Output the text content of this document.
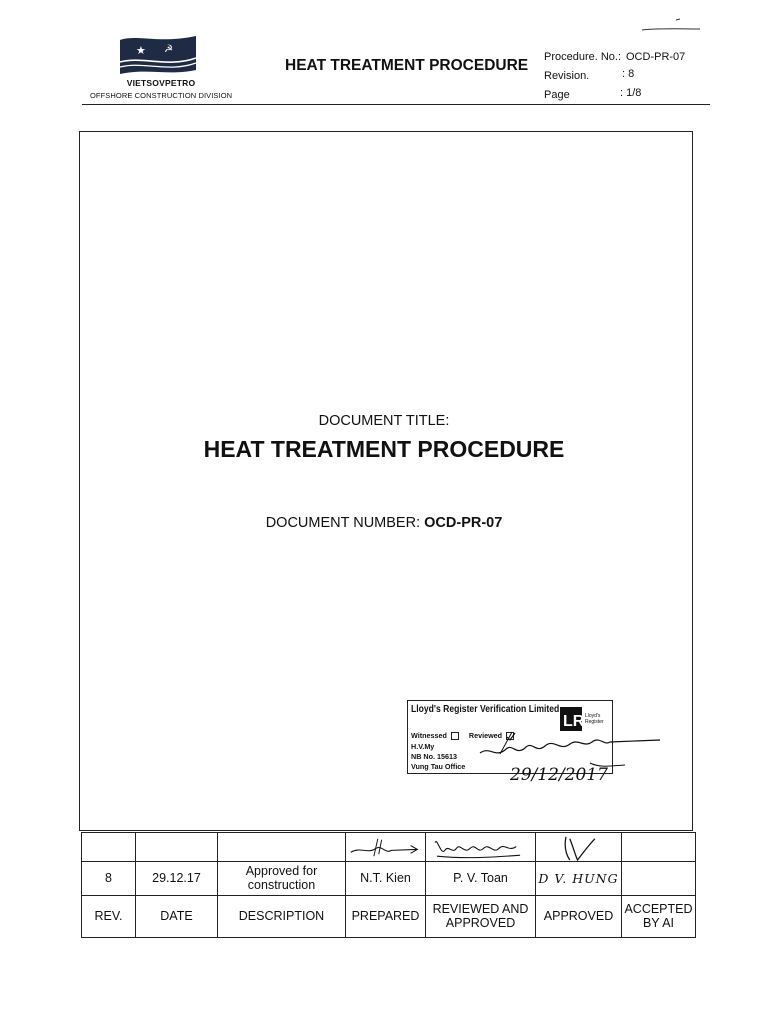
★ ☭
VIETSOVPETRO
OFFSHORE CONSTRUCTION DIVISION
HEAT TREATMENT PROCEDURE Procedure. No.: OCD-PR-07
Revision.	: 8
Page	: 1/8
DOCUMENT TITLE:
HEAT TREATMENT PROCEDURE
DOCUMENT NUMBER: OCD-PR-07
Lloyd's Register Verification Limited
Witnessed	Reviewed
H.V.My
NB No. 15613
Vung Tau Office
LR Lloyd's
Register
29/12/2017

8	29.12.17	Approved for construction	N.T. Kien	P. V. Toan	D V. HUNG	
REV.	DATE	DESCRIPTION	PREPARED	REVIEWED AND APPROVED	APPROVED	ACCEPTED BY AI
